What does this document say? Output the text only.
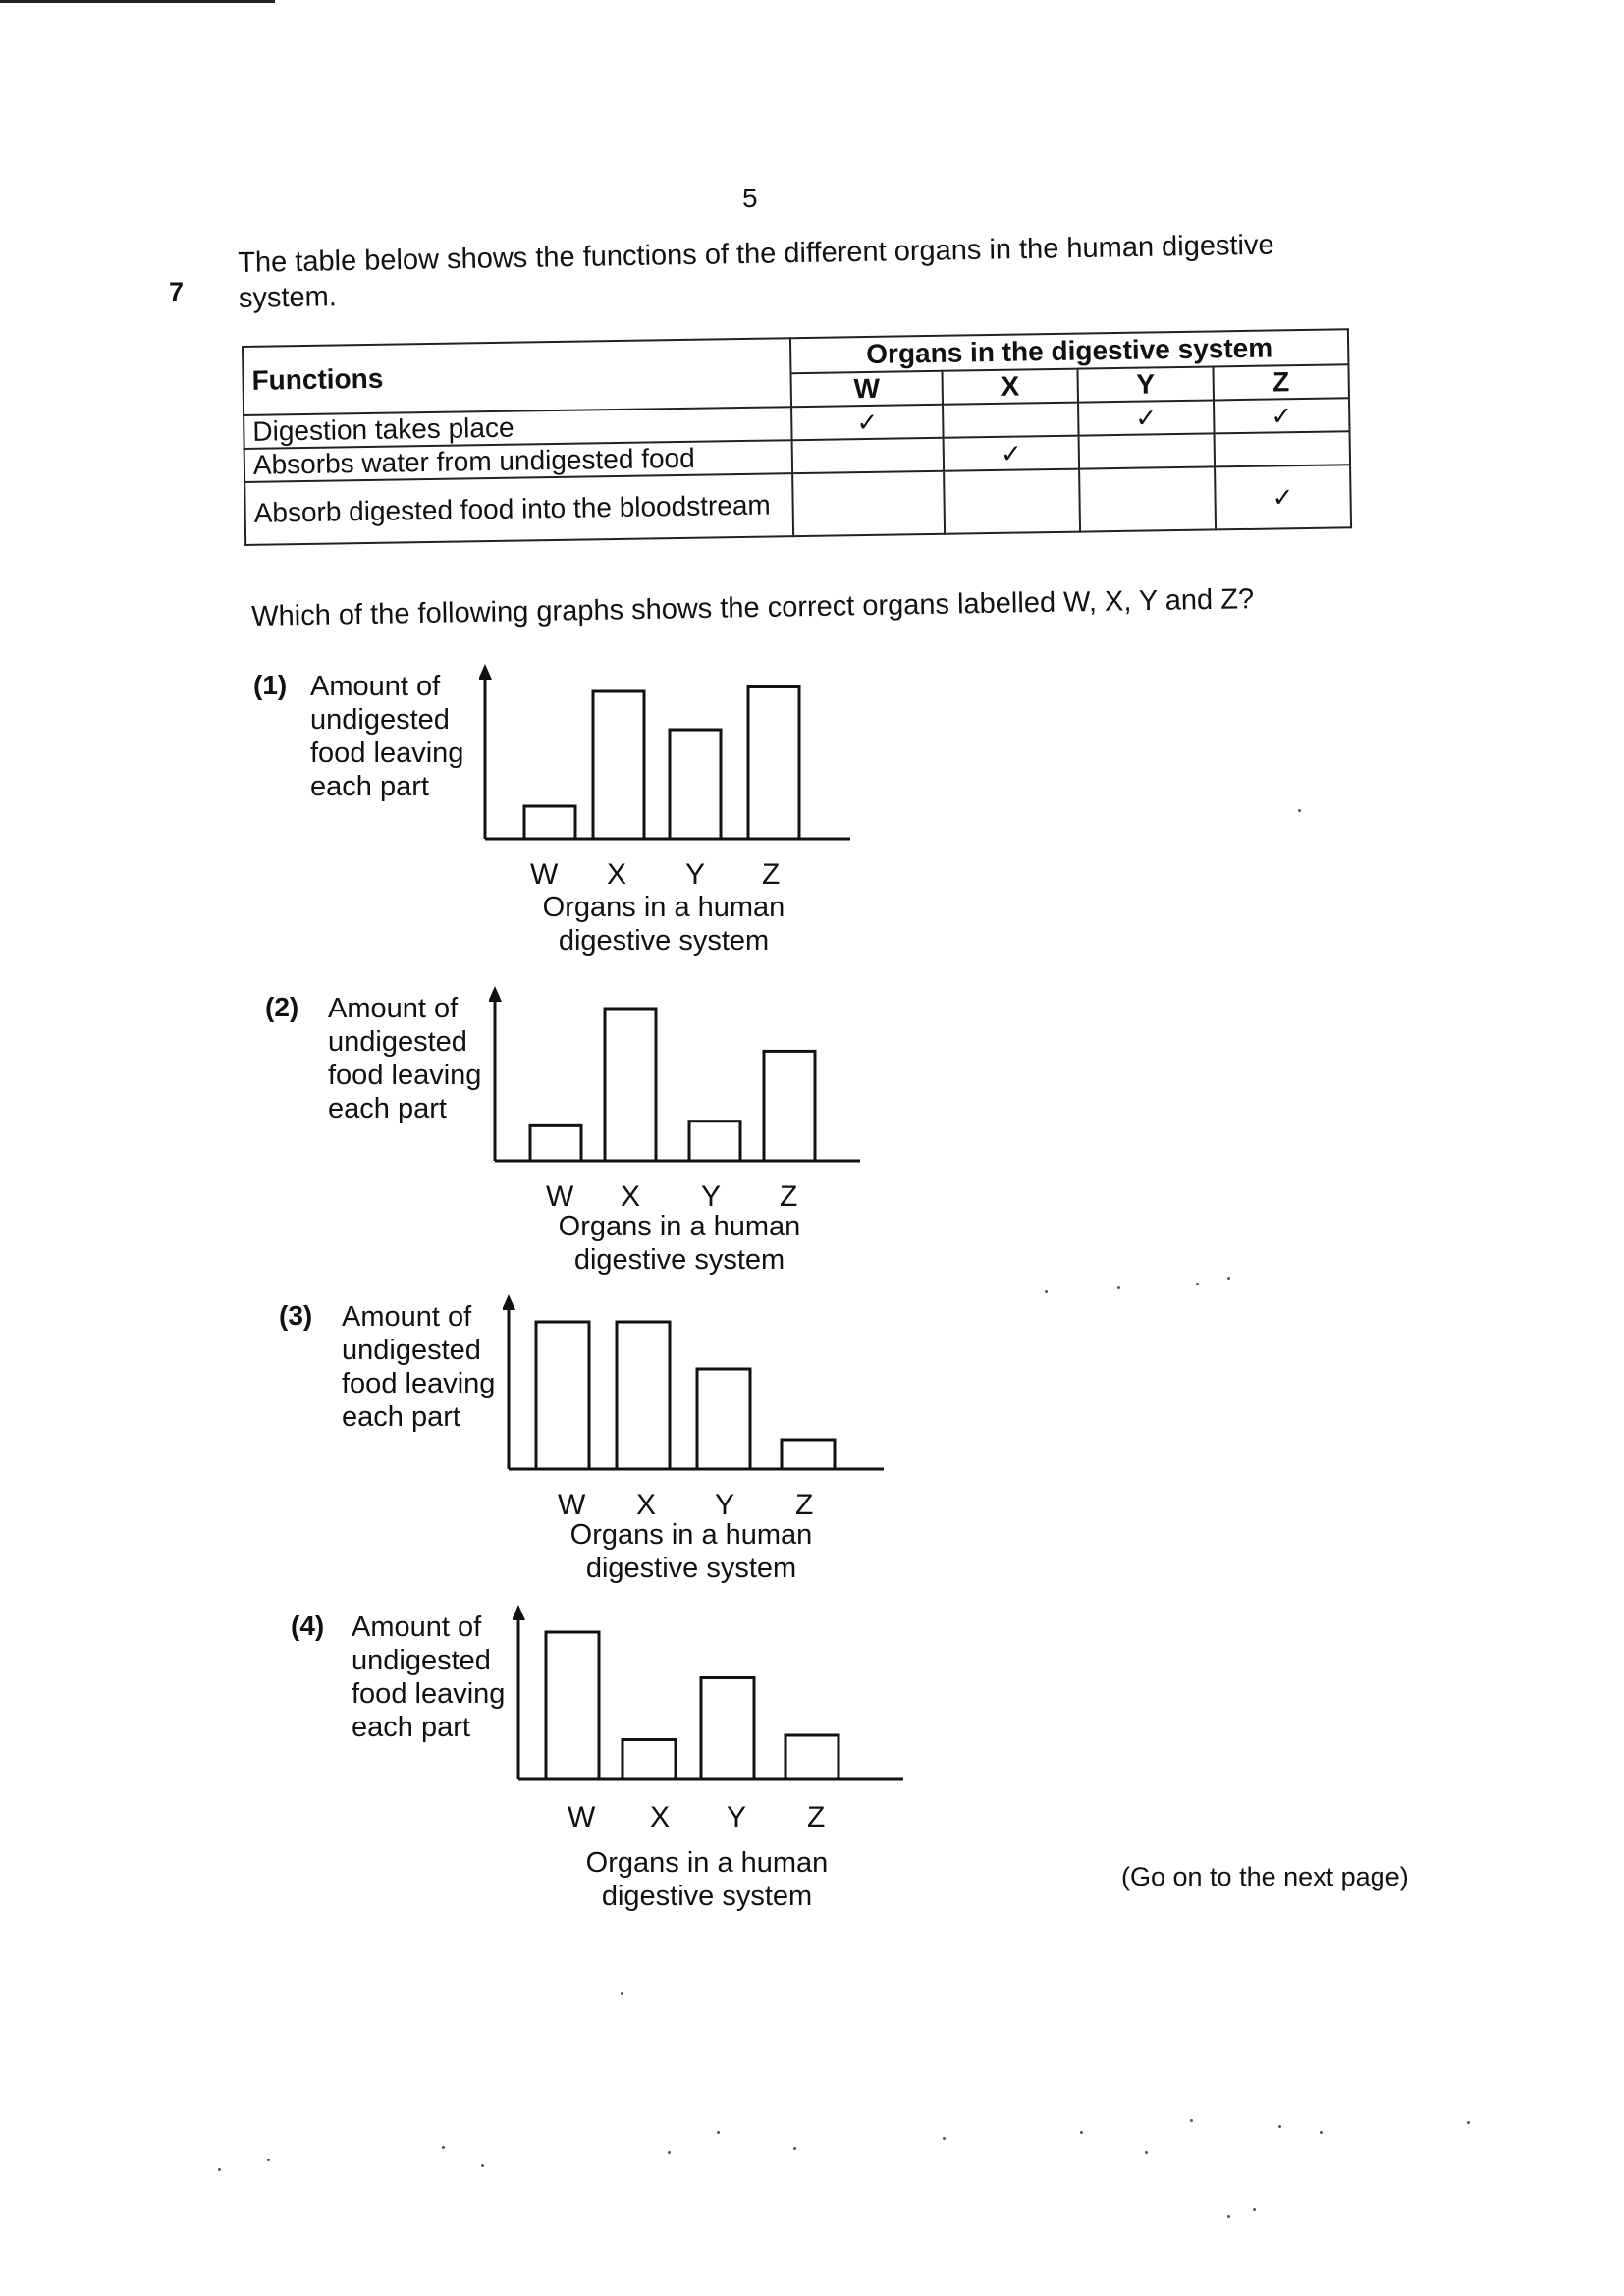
5
7
The table below shows the functions of the different organs in the human digestive system.
Functions	Organs in the digestive system			
	W	X	Y	Z
Digestion takes place	✓		✓	✓
Absorbs water from undigested food		✓		
Absorb digested food into the bloodstream				✓
Which of the following graphs shows the correct organs labelled W, X, Y and Z?
(1) Amount of undigested food leaving each part
W X Y Z
Organs in a human digestive system
(2) Amount of undigested food leaving each part
W X Y Z
Organs in a human digestive system
(3) Amount of undigested food leaving each part
W X Y Z
Organs in a human digestive system
(4) Amount of undigested food leaving each part
W X Y Z
Organs in a human digestive system
(Go on to the next page)
